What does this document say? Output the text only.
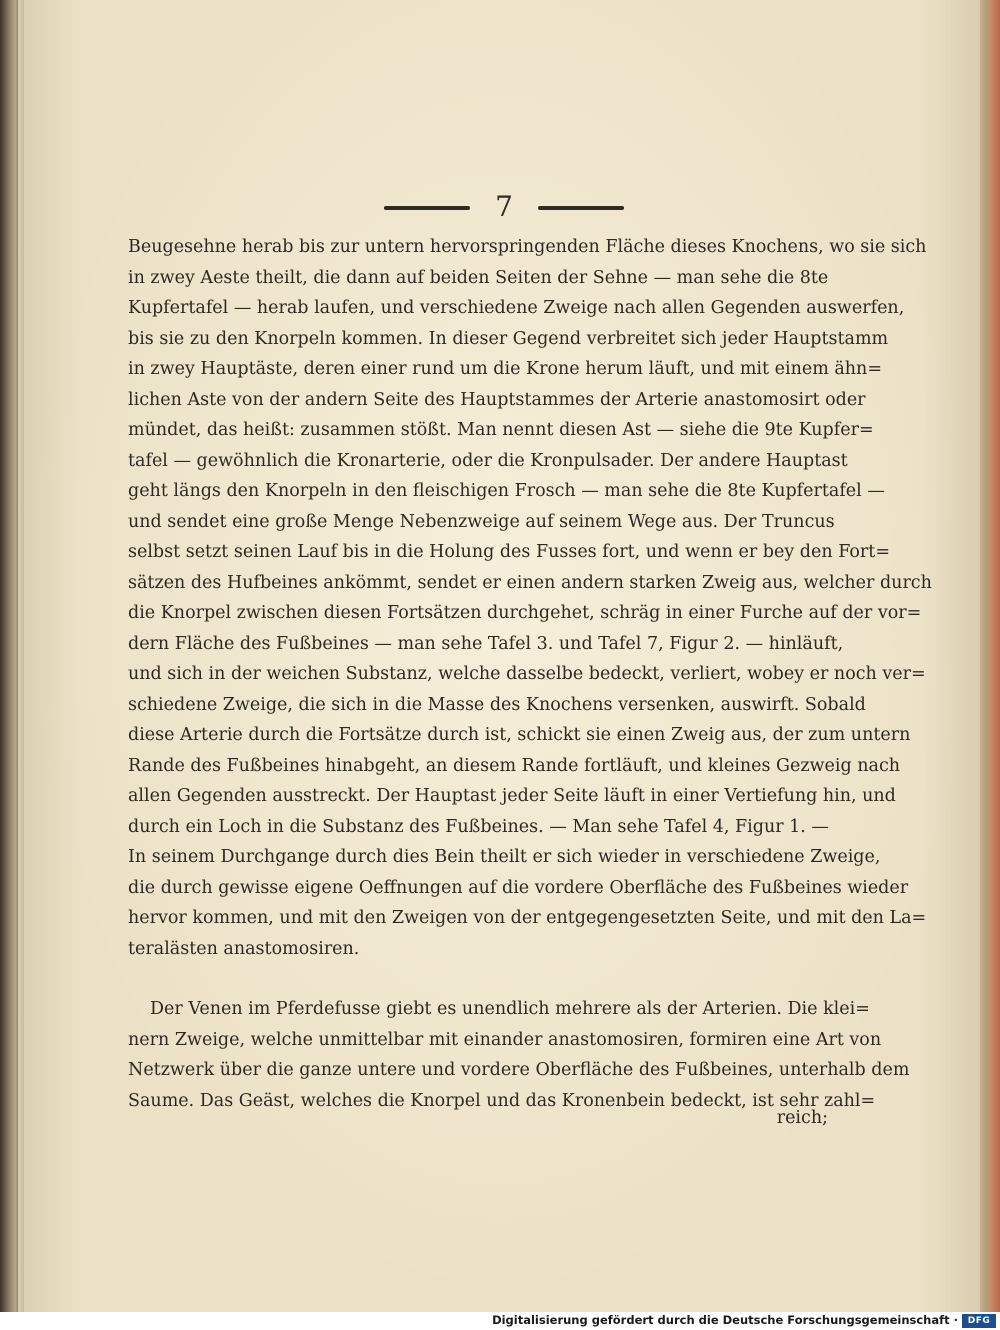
7
Beugesehne herab bis zur untern hervorspringenden Fläche dieses Knochens, wo sie sich
in zwey Aeste theilt, die dann auf beiden Seiten der Sehne — man sehe die 8te
Kupfertafel — herab laufen, und verschiedene Zweige nach allen Gegenden auswerfen,
bis sie zu den Knorpeln kommen. In dieser Gegend verbreitet sich jeder Hauptstamm
in zwey Hauptäste, deren einer rund um die Krone herum läuft, und mit einem ähn=
lichen Aste von der andern Seite des Hauptstammes der Arterie anastomosirt oder
mündet, das heißt: zusammen stößt. Man nennt diesen Ast — siehe die 9te Kupfer=
tafel — gewöhnlich die Kronarterie, oder die Kronpulsader. Der andere Hauptast
geht längs den Knorpeln in den fleischigen Frosch — man sehe die 8te Kupfertafel —
und sendet eine große Menge Nebenzweige auf seinem Wege aus. Der Truncus
selbst setzt seinen Lauf bis in die Holung des Fusses fort, und wenn er bey den Fort=
sätzen des Hufbeines ankömmt, sendet er einen andern starken Zweig aus, welcher durch
die Knorpel zwischen diesen Fortsätzen durchgehet, schräg in einer Furche auf der vor=
dern Fläche des Fußbeines — man sehe Tafel 3. und Tafel 7, Figur 2. — hinläuft,
und sich in der weichen Substanz, welche dasselbe bedeckt, verliert, wobey er noch ver=
schiedene Zweige, die sich in die Masse des Knochens versenken, auswirft. Sobald
diese Arterie durch die Fortsätze durch ist, schickt sie einen Zweig aus, der zum untern
Rande des Fußbeines hinabgeht, an diesem Rande fortläuft, und kleines Gezweig nach
allen Gegenden ausstreckt. Der Hauptast jeder Seite läuft in einer Vertiefung hin, und
durch ein Loch in die Substanz des Fußbeines. — Man sehe Tafel 4, Figur 1. —
In seinem Durchgange durch dies Bein theilt er sich wieder in verschiedene Zweige,
die durch gewisse eigene Oeffnungen auf die vordere Oberfläche des Fußbeines wieder
hervor kommen, und mit den Zweigen von der entgegengesetzten Seite, und mit den La=
teralästen anastomosiren.
Der Venen im Pferdefusse giebt es unendlich mehrere als der Arterien. Die klei=
nern Zweige, welche unmittelbar mit einander anastomosiren, formiren eine Art von
Netzwerk über die ganze untere und vordere Oberfläche des Fußbeines, unterhalb dem
Saume. Das Geäst, welches die Knorpel und das Kronenbein bedeckt, ist sehr zahl=
reich;
Digitalisierung gefördert durch die Deutsche Forschungsgemeinschaft ·	DFG
